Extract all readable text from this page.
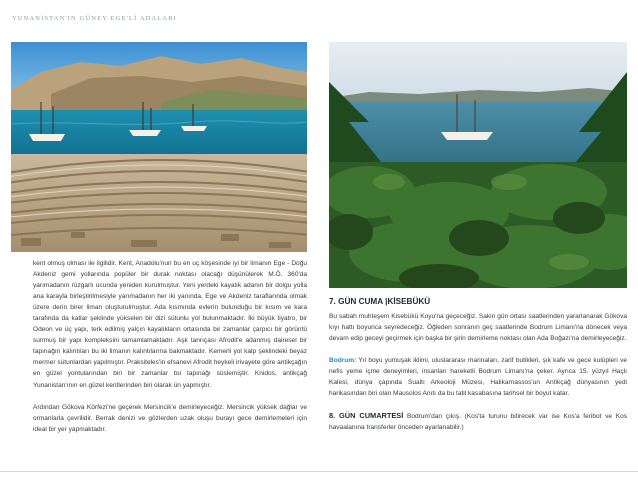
YUNANİSTAN'IN GÜNEY EGE'Lİ ADALARI

kent olmuş olması ile ilgilidir. Kent, Anadolu'nun bu en uç köşesinde iyi bir limanın Ege - Doğu Akdeniz gemi yollarında popüler bir durak noktası olacağı düşünülerek M.Ö. 360'da yarımadanın rüzgarlı ucunda yeniden kurulmuştur. Yeni yerdeki kayalık adanın bir dolgu yolla ana karayla birleştirilmesiyle yarımadanın her iki yanında, Ege ve Akdeniz taraflarında olmak üzere derin birer liman oluşturulmuştur. Ada kısmında evlerin bulunduğu bir kısım ve kara tarafında da katlar şeklinde yükselen bir dizi sütunlu yol bulunmaktadır. İki büyük tiyatro, bir Odeon ve üç yapı, terk edilmiş yalçın kayalıkların ortasında bir zamanlar çarpıcı bir görüntü sunmuş bir yapı kompleksini tamamlamaktadır. Aşk tanrıçası Afrodit'e adanmış dairesel bir tapınağın kalıntıları bu iki limanın kalıntılarına bakmaktadır. Kemerli yol kalp şeklindeki beyaz mermer sütunlardan yapılmıştır. Praksiteles'in efsanevi Afrodit heykeli irivayete göre antikçağın en güzel yontularından biri bir zamanlar bu tapınağı süslemiştir. Knidos, antikçağ Yunanistan'ının en güzel kentlerinden biri olarak ün yapmıştır.

Ardından Gökova Körfezi'ne geçerek Mersincik'e demirleyeceğiz. Mersincik yüksek dağlar ve ormanlarla çevrilidir. Berrak denizi ve gözlerden uzak oluşu burayı gece demirlemeleri için ideal bir yer yapmaktadır.

7. GÜN CUMA |KİSEBÜKÜ

Bu sabah muhteşem Kisebükü Koyu'na geçeceğiz. Sakin gün ortası saatlerinden yararlanarak Gökova kıyı hattı boyunca seyredeceğiz. Öğleden sonranın geç saatlerinde Bodrum Limanı'na dönecek veya devam edip geceyi geçirmek için başka bir şirin demirleme noktası olan Ada Boğazı'na demirleyeceğiz.

Bodrum: Yıl boyu yumuşak iklimi, uluslararası marinaları, zarif butikleri, şık kafe ve gece kulüpleri ve nefis yeme içme deneyimleri, insanları hareketli Bodrum Limanı'na çeker. Ayrıca 15. yüzyıl Haçlı Kalesi, dünya çapında Sualtı Arkeoloji Müzesi, Halikarnassos'un Antikçağ dünyasının yedi harikasından biri olan Mausolos Anıtı da bu tatil kasabasına tarihsel bir boyut katar.

8. GÜN CUMARTESİ Bodrum'dan çıkış. (Kos'ta turunu bitirecek var ise Kos'a feribot ve Kos havaalanına transferler önceden ayarlanabilir.)
